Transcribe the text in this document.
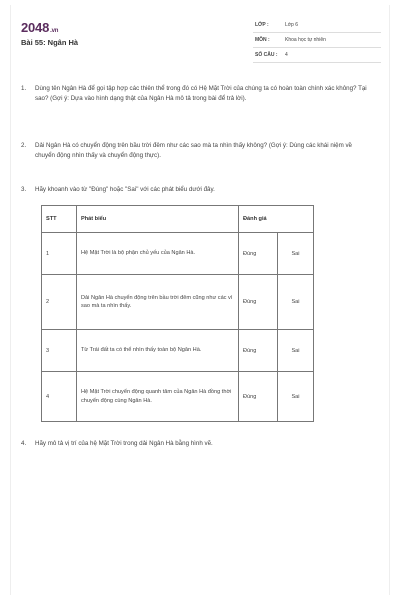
2048.vn
Bài 55: Ngân Hà
LỚP :	Lớp 6
MÔN :	Khoa học tự nhiên
SỐ CÂU : 4
1. Dùng tên Ngân Hà để gọi tập hợp các thiên thể trong đó có Hệ Mặt Trời của chúng ta có hoàn toàn chính xác không? Tại sao? (Gợi ý: Dựa vào hình dạng thật của Ngân Hà mô tả trong bài để trả lời).
2. Dải Ngân Hà có chuyển động trên bầu trời đêm như các sao mà ta nhìn thấy không? (Gợi ý: Dùng các khái niệm về chuyển động nhìn thấy và chuyển động thực).
3. Hãy khoanh vào từ "Đúng" hoặc "Sai" với các phát biểu dưới đây.
STT	Phát biểu	Đánh giá	
1	Hệ Mặt Trời là bộ phận chủ yếu của Ngân Hà.	Đúng	Sai
2	Dải Ngân Hà chuyển động trên bầu trời đêm cũng như các vì sao mà ta nhìn thấy.	Đúng	Sai
3	Từ Trái đất ta có thể nhìn thấy toàn bộ Ngân Hà.	Đúng	Sai
4	Hệ Mặt Trời chuyển động quanh tâm của Ngân Hà đồng thời chuyển động cùng Ngân Hà.	Đúng	Sai
4. Hãy mô tả vị trí của hệ Mặt Trời trong dải Ngân Hà bằng hình vẽ.
